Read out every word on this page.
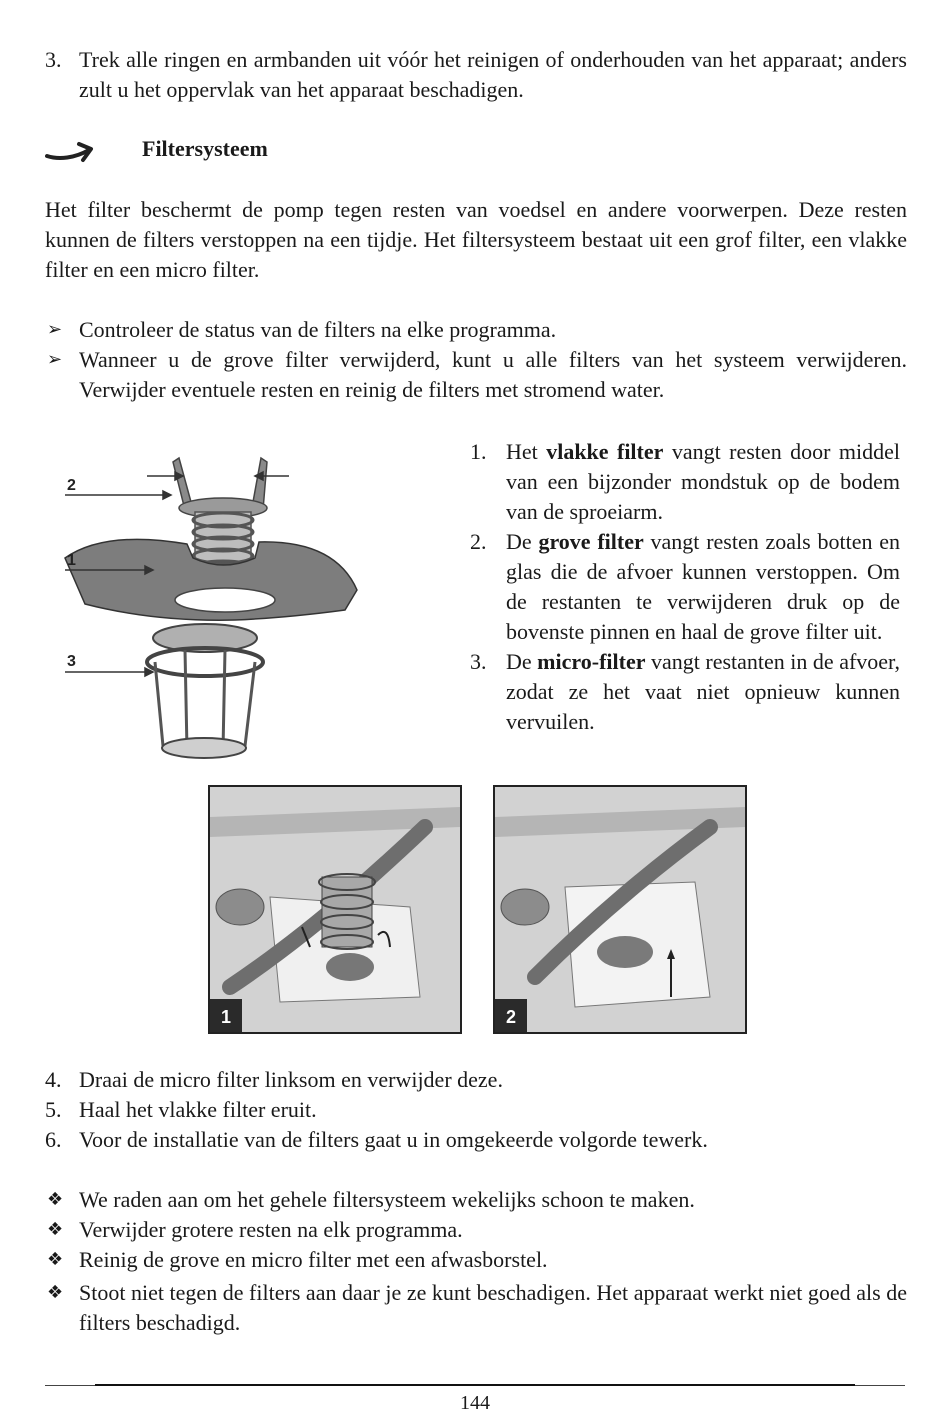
3. Trek alle ringen en armbanden uit vóór het reinigen of onderhouden van het apparaat; anders zult u het oppervlak van het apparaat beschadigen.
Filtersysteem

Het filter beschermt de pomp tegen resten van voedsel en andere voorwerpen. Deze resten kunnen de filters verstoppen na een tijdje. Het filtersysteem bestaat uit een grof filter, een vlakke filter en een micro filter.

➢ Controleer de status van de filters na elke programma.
➢ Wanneer u de grove filter verwijderd, kunt u alle filters van het systeem verwijderen. Verwijder eventuele resten en reinig de filters met stromend water.
2
1
3
1. Het vlakke filter vangt resten door middel van een bijzonder mondstuk op de bodem van de sproeiarm.
2. De grove filter vangt resten zoals botten en glas die de afvoer kunnen verstoppen. Om de restanten te verwijderen druk op de bovenste pinnen en haal de grove filter uit.
3. De micro-filter vangt restanten in de afvoer, zodat ze het vaat niet opnieuw kunnen vervuilen.
1	2
4. Draai de micro filter linksom en verwijder deze.
5. Haal het vlakke filter eruit.
6. Voor de installatie van de filters gaat u in omgekeerde volgorde tewerk.
❖ We raden aan om het gehele filtersysteem wekelijks schoon te maken.
❖ Verwijder grotere resten na elk programma.
❖ Reinig de grove en micro filter met een afwasborstel.
❖ Stoot niet tegen de filters aan daar je ze kunt beschadigen. Het apparaat werkt niet goed als de filters beschadigd.
144
